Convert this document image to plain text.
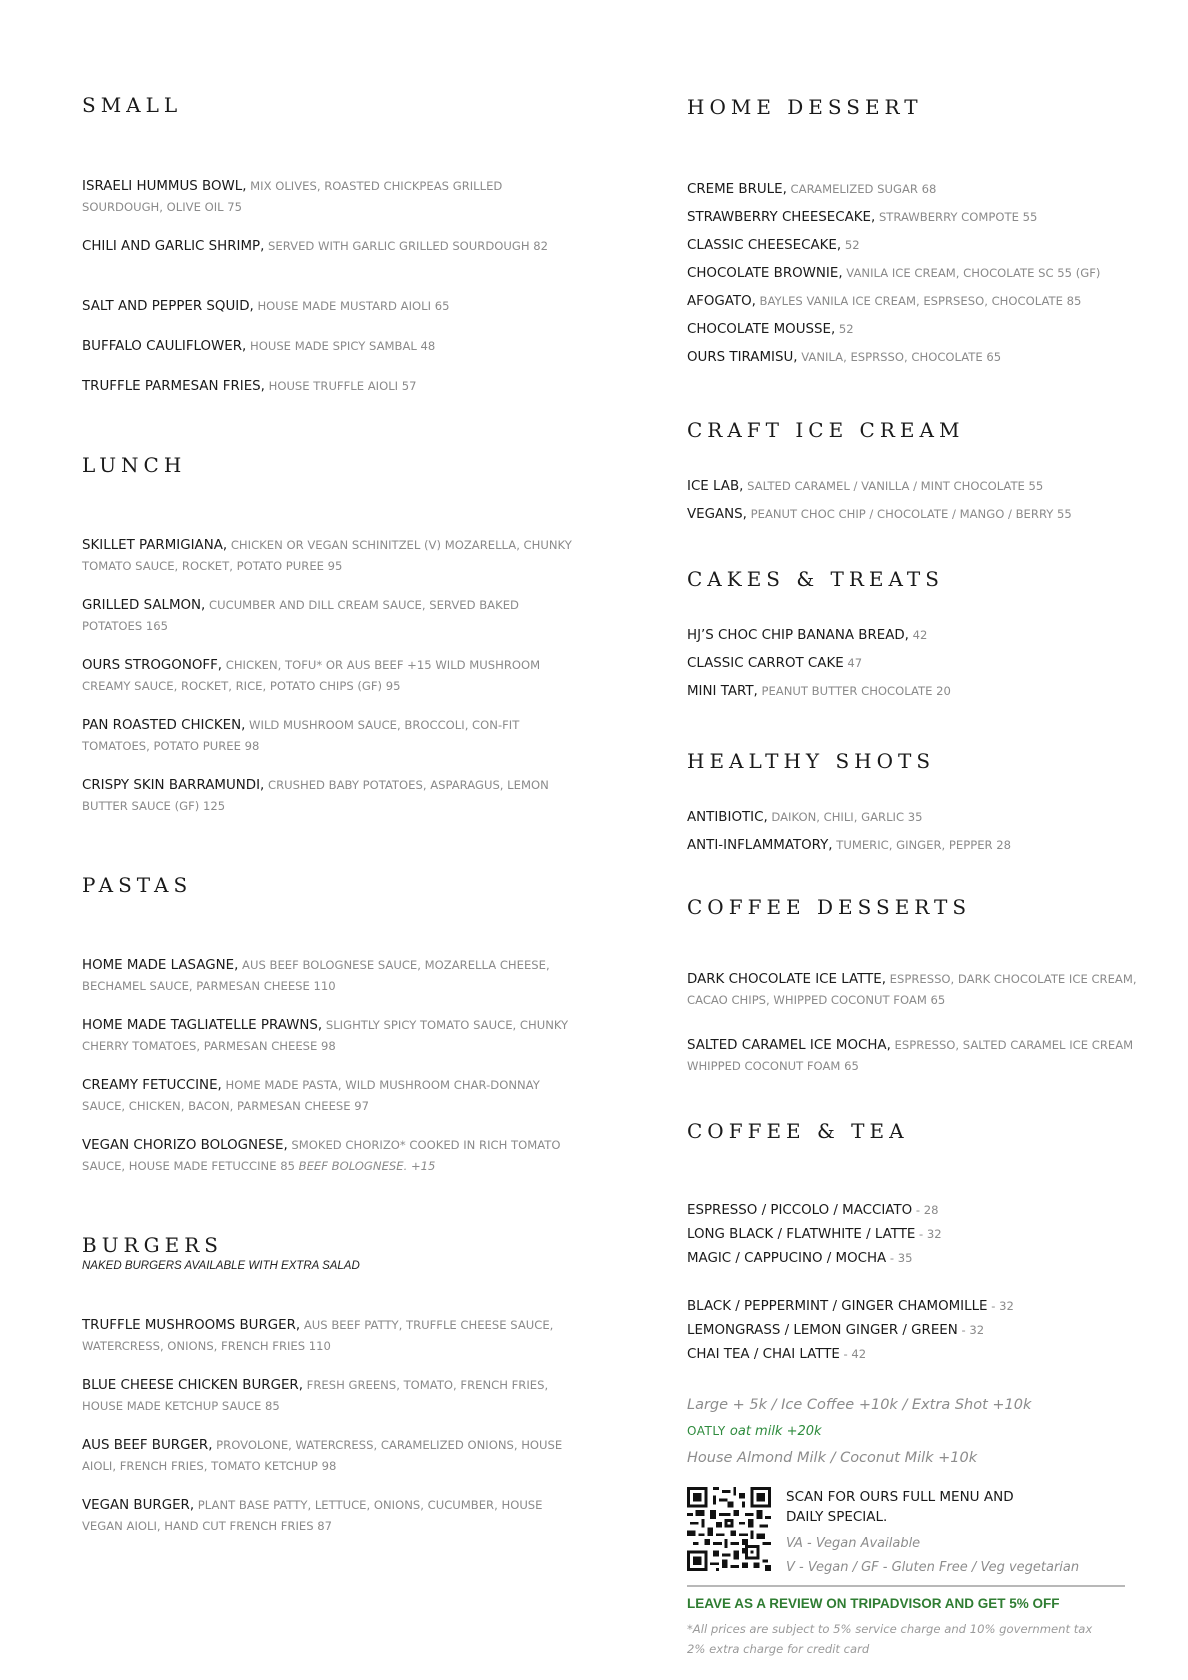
SMALL
ISRAELI HUMMUS BOWL, MIX OLIVES, ROASTED CHICKPEAS GRILLED SOURDOUGH, OLIVE OIL 75
CHILI AND GARLIC SHRIMP, SERVED WITH GARLIC GRILLED SOURDOUGH 82
SALT AND PEPPER SQUID, HOUSE MADE MUSTARD AIOLI 65
BUFFALO CAULIFLOWER, HOUSE MADE SPICY SAMBAL 48
TRUFFLE PARMESAN FRIES, HOUSE TRUFFLE AIOLI 57
LUNCH
SKILLET PARMIGIANA, CHICKEN OR VEGAN SCHINITZEL (V) MOZARELLA, CHUNKY TOMATO SAUCE, ROCKET, POTATO PUREE 95
GRILLED SALMON, CUCUMBER AND DILL CREAM SAUCE, SERVED BAKED POTATOES 165
OURS STROGONOFF, CHICKEN, TOFU* OR AUS BEEF +15 WILD MUSHROOM CREAMY SAUCE, ROCKET, RICE, POTATO CHIPS (GF) 95
PAN ROASTED CHICKEN, WILD MUSHROOM SAUCE, BROCCOLI, CON-FIT TOMATOES, POTATO PUREE 98
CRISPY SKIN BARRAMUNDI, CRUSHED BABY POTATOES, ASPARAGUS, LEMON BUTTER SAUCE (GF) 125
PASTAS
HOME MADE LASAGNE, AUS BEEF BOLOGNESE SAUCE, MOZARELLA CHEESE, BECHAMEL SAUCE, PARMESAN CHEESE 110
HOME MADE TAGLIATELLE PRAWNS, SLIGHTLY SPICY TOMATO SAUCE, CHUNKY CHERRY TOMATOES, PARMESAN CHEESE 98
CREAMY FETUCCINE, HOME MADE PASTA, WILD MUSHROOM CHAR-DONNAY SAUCE, CHICKEN, BACON, PARMESAN CHEESE 97
VEGAN CHORIZO BOLOGNESE, SMOKED CHORIZO* COOKED IN RICH TOMATO SAUCE, HOUSE MADE FETUCCINE 85 BEEF BOLOGNESE. +15
BURGERS
NAKED BURGERS AVAILABLE WITH EXTRA SALAD
TRUFFLE MUSHROOMS BURGER, AUS BEEF PATTY, TRUFFLE CHEESE SAUCE, WATERCRESS, ONIONS, FRENCH FRIES 110
BLUE CHEESE CHICKEN BURGER, FRESH GREENS, TOMATO, FRENCH FRIES, HOUSE MADE KETCHUP SAUCE 85
AUS BEEF BURGER, PROVOLONE, WATERCRESS, CARAMELIZED ONIONS, HOUSE AIOLI, FRENCH FRIES, TOMATO KETCHUP 98
VEGAN BURGER, PLANT BASE PATTY, LETTUCE, ONIONS, CUCUMBER, HOUSE VEGAN AIOLI, HAND CUT FRENCH FRIES 87
HOME DESSERT
CREME BRULE, CARAMELIZED SUGAR 68
STRAWBERRY CHEESECAKE, STRAWBERRY COMPOTE 55
CLASSIC CHEESECAKE, 52
CHOCOLATE BROWNIE, VANILA ICE CREAM, CHOCOLATE SC 55 (GF)
AFOGATO, BAYLES VANILA ICE CREAM, ESPRSESO, CHOCOLATE 85
CHOCOLATE MOUSSE, 52
OURS TIRAMISU, VANILA, ESPRSSO, CHOCOLATE 65
CRAFT ICE CREAM
ICE LAB, SALTED CARAMEL / VANILLA / MINT CHOCOLATE 55
VEGANS, PEANUT CHOC CHIP / CHOCOLATE / MANGO / BERRY 55
CAKES & TREATS
HJ’S CHOC CHIP BANANA BREAD, 42
CLASSIC CARROT CAKE 47
MINI TART, PEANUT BUTTER CHOCOLATE 20
HEALTHY SHOTS
ANTIBIOTIC, DAIKON, CHILI, GARLIC 35
ANTI-INFLAMMATORY, TUMERIC, GINGER, PEPPER 28
COFFEE DESSERTS
DARK CHOCOLATE ICE LATTE, ESPRESSO, DARK CHOCOLATE ICE CREAM, CACAO CHIPS, WHIPPED COCONUT FOAM 65
SALTED CARAMEL ICE MOCHA, ESPRESSO, SALTED CARAMEL ICE CREAM WHIPPED COCONUT FOAM 65
COFFEE & TEA
ESPRESSO / PICCOLO / MACCIATO - 28
LONG BLACK / FLATWHITE / LATTE - 32
MAGIC / CAPPUCINO / MOCHA - 35
BLACK / PEPPERMINT / GINGER CHAMOMILLE - 32
LEMONGRASS / LEMON GINGER / GREEN - 32
CHAI TEA / CHAI LATTE - 42
Large + 5k / Ice Coffee +10k / Extra Shot +10k
OATLY oat milk +20k
House Almond Milk / Coconut Milk +10k
SCAN FOR OURS FULL MENU AND DAILY SPECIAL.
VA - Vegan Available
V - Vegan / GF - Gluten Free / Veg vegetarian
LEAVE AS A REVIEW ON TRIPADVISOR AND GET 5% OFF
*All prices are subject to 5% service charge and 10% government tax
2% extra charge for credit card
